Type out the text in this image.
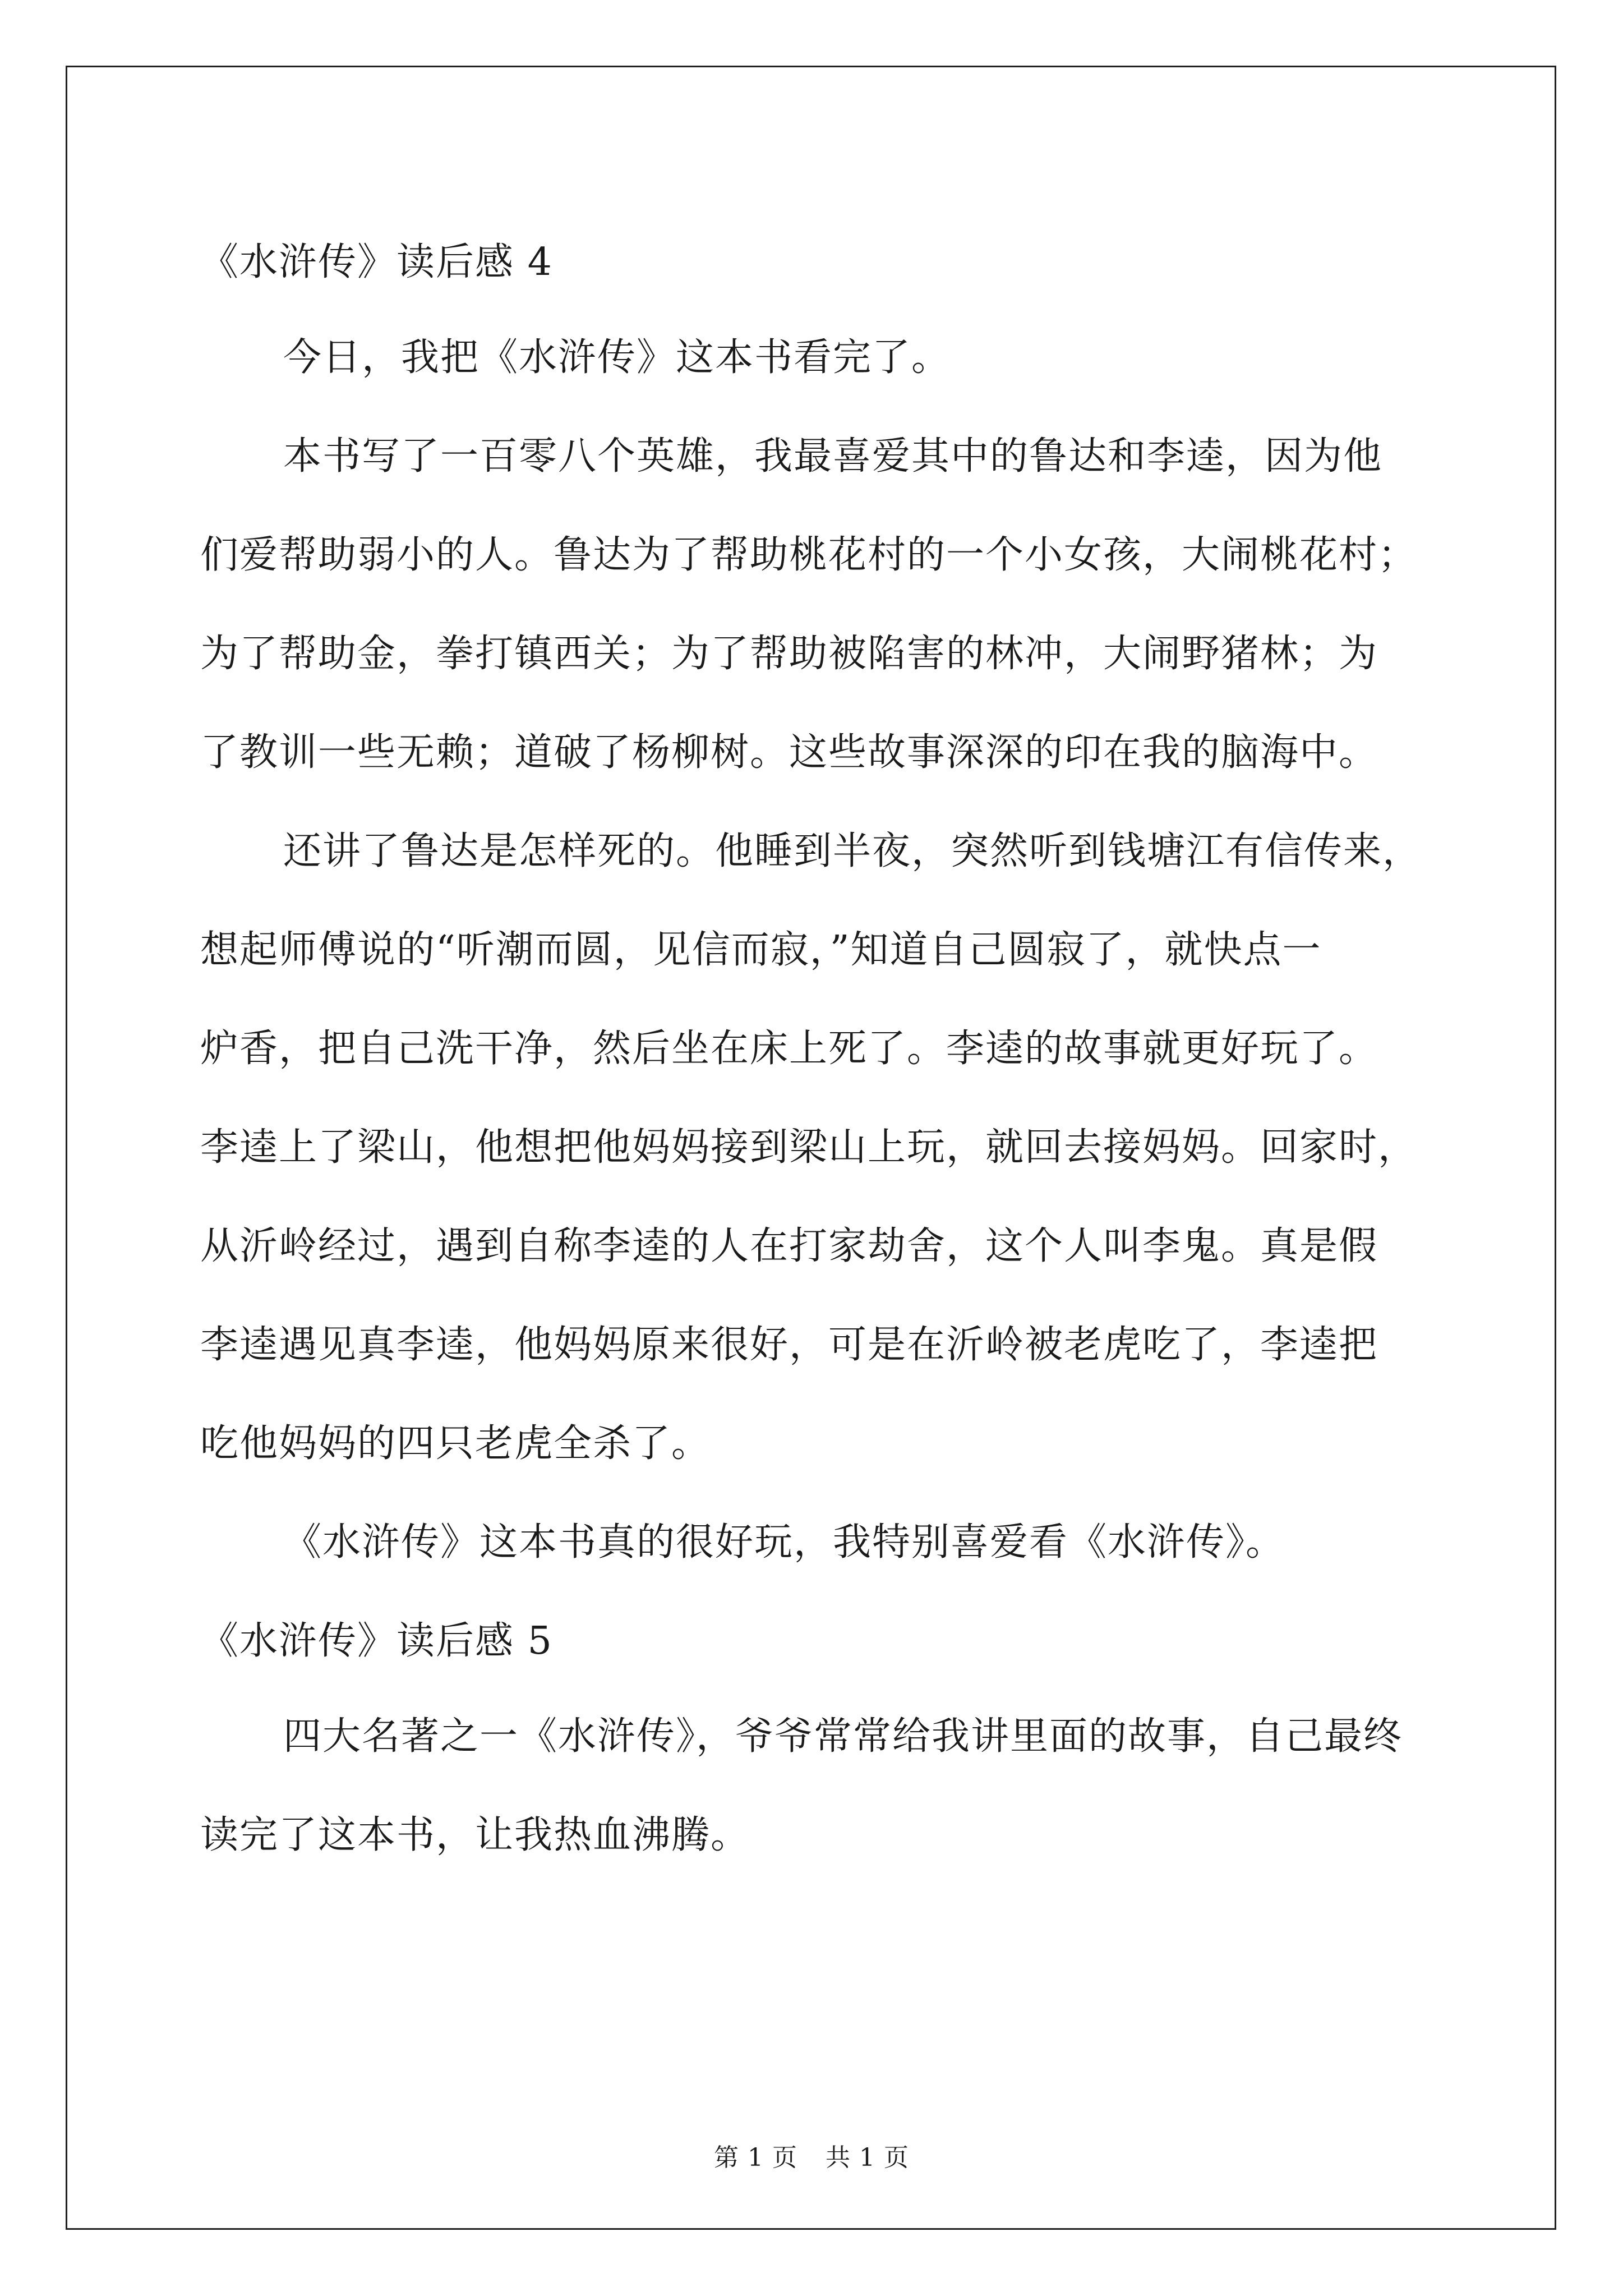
《水浒传》读后感 4
今日，我把《水浒传》这本书看完了。
本书写了一百零八个英雄，我最喜爱其中的鲁达和李逵，因为他
们爱帮助弱小的人。鲁达为了帮助桃花村的一个小女孩，大闹桃花村；
为了帮助金，拳打镇西关；为了帮助被陷害的林冲，大闹野猪林；为
了教训一些无赖；道破了杨柳树。这些故事深深的印在我的脑海中。
还讲了鲁达是怎样死的。他睡到半夜，突然听到钱塘江有信传来，
想起师傅说的“听潮而圆，见信而寂，”知道自己圆寂了，就快点一
炉香，把自己洗干净，然后坐在床上死了。李逵的故事就更好玩了。
李逵上了梁山，他想把他妈妈接到梁山上玩，就回去接妈妈。回家时，
从沂岭经过，遇到自称李逵的人在打家劫舍，这个人叫李鬼。真是假
李逵遇见真李逵，他妈妈原来很好，可是在沂岭被老虎吃了，李逵把
吃他妈妈的四只老虎全杀了。
《水浒传》这本书真的很好玩，我特别喜爱看《水浒传》。
《水浒传》读后感 5
四大名著之一《水浒传》，爷爷常常给我讲里面的故事，自己最终
读完了这本书，让我热血沸腾。
第 1 页 共 1 页
